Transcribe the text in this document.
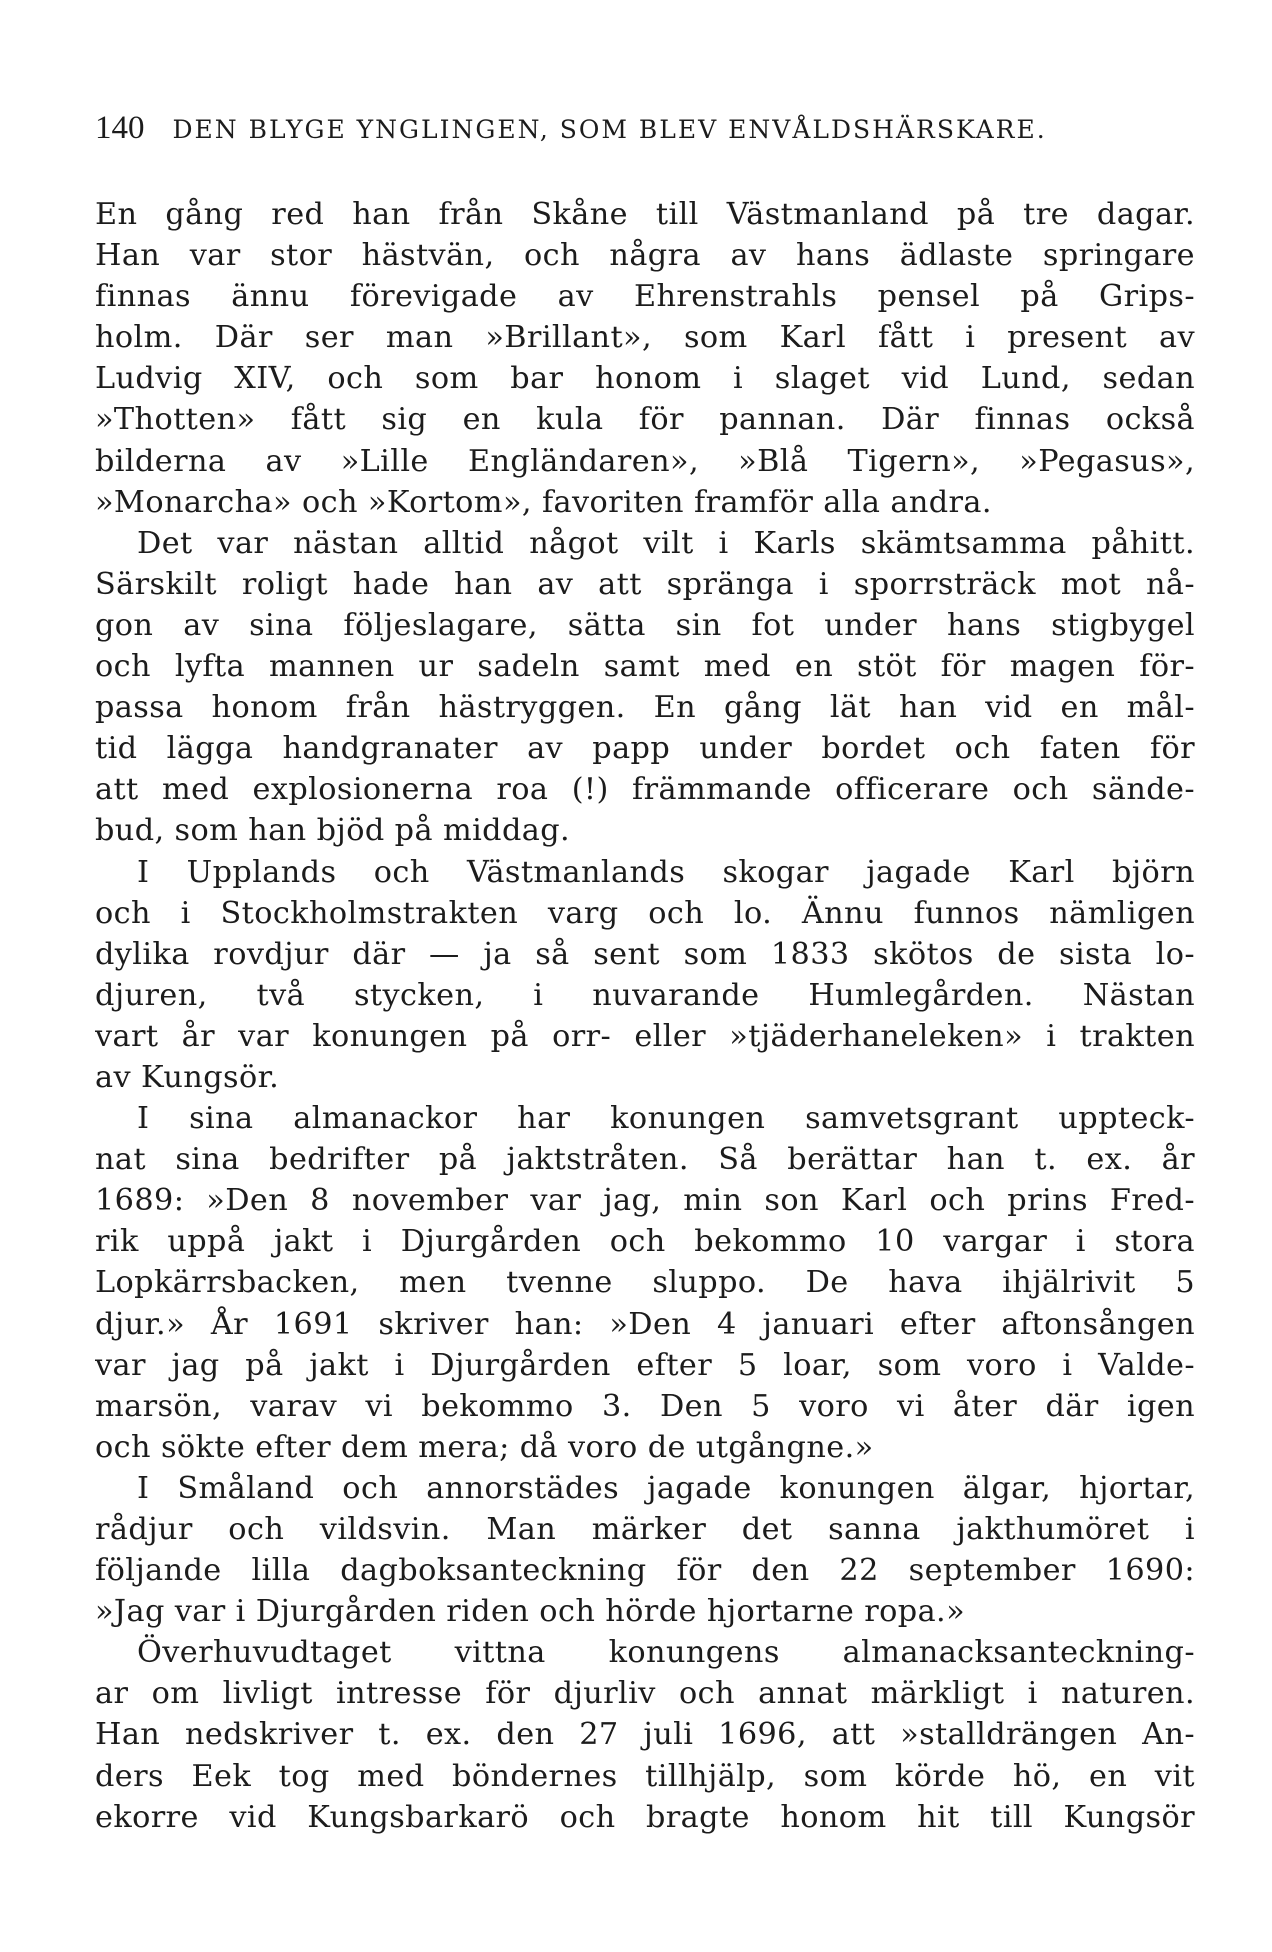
140 DEN BLYGE YNGLINGEN, SOM BLEV ENVÅLDSHÄRSKARE.
En gång red han från Skåne till Västmanland på tre dagar.
Han var stor hästvän, och några av hans ädlaste springare
finnas ännu förevigade av Ehrenstrahls pensel på Grips-
holm. Där ser man »Brillant», som Karl fått i present av
Ludvig XIV, och som bar honom i slaget vid Lund, sedan
»Thotten» fått sig en kula för pannan. Där finnas också
bilderna av »Lille Engländaren», »Blå Tigern», »Pegasus»,
»Monarcha» och »Kortom», favoriten framför alla andra.
Det var nästan alltid något vilt i Karls skämtsamma påhitt.
Särskilt roligt hade han av att spränga i sporrsträck mot nå-
gon av sina följeslagare, sätta sin fot under hans stigbygel
och lyfta mannen ur sadeln samt med en stöt för magen för-
passa honom från hästryggen. En gång lät han vid en mål-
tid lägga handgranater av papp under bordet och faten för
att med explosionerna roa (!) främmande officerare och sände-
bud, som han bjöd på middag.
I Upplands och Västmanlands skogar jagade Karl björn
och i Stockholmstrakten varg och lo. Ännu funnos nämligen
dylika rovdjur där — ja så sent som 1833 skötos de sista lo-
djuren, två stycken, i nuvarande Humlegården. Nästan
vart år var konungen på orr- eller »tjäderhaneleken» i trakten
av Kungsör.
I sina almanackor har konungen samvetsgrant uppteck-
nat sina bedrifter på jaktstråten. Så berättar han t. ex. år
1689: »Den 8 november var jag, min son Karl och prins Fred-
rik uppå jakt i Djurgården och bekommo 10 vargar i stora
Lopkärrsbacken, men tvenne sluppo. De hava ihjälrivit 5
djur.» År 1691 skriver han: »Den 4 januari efter aftonsången
var jag på jakt i Djurgården efter 5 loar, som voro i Valde-
marsön, varav vi bekommo 3. Den 5 voro vi åter där igen
och sökte efter dem mera; då voro de utgångne.»
I Småland och annorstädes jagade konungen älgar, hjortar,
rådjur och vildsvin. Man märker det sanna jakthumöret i
följande lilla dagboksanteckning för den 22 september 1690:
»Jag var i Djurgården riden och hörde hjortarne ropa.»
Överhuvudtaget vittna konungens almanacksanteckning-
ar om livligt intresse för djurliv och annat märkligt i naturen.
Han nedskriver t. ex. den 27 juli 1696, att »stalldrängen An-
ders Eek tog med böndernes tillhjälp, som körde hö, en vit
ekorre vid Kungsbarkarö och bragte honom hit till Kungsör
